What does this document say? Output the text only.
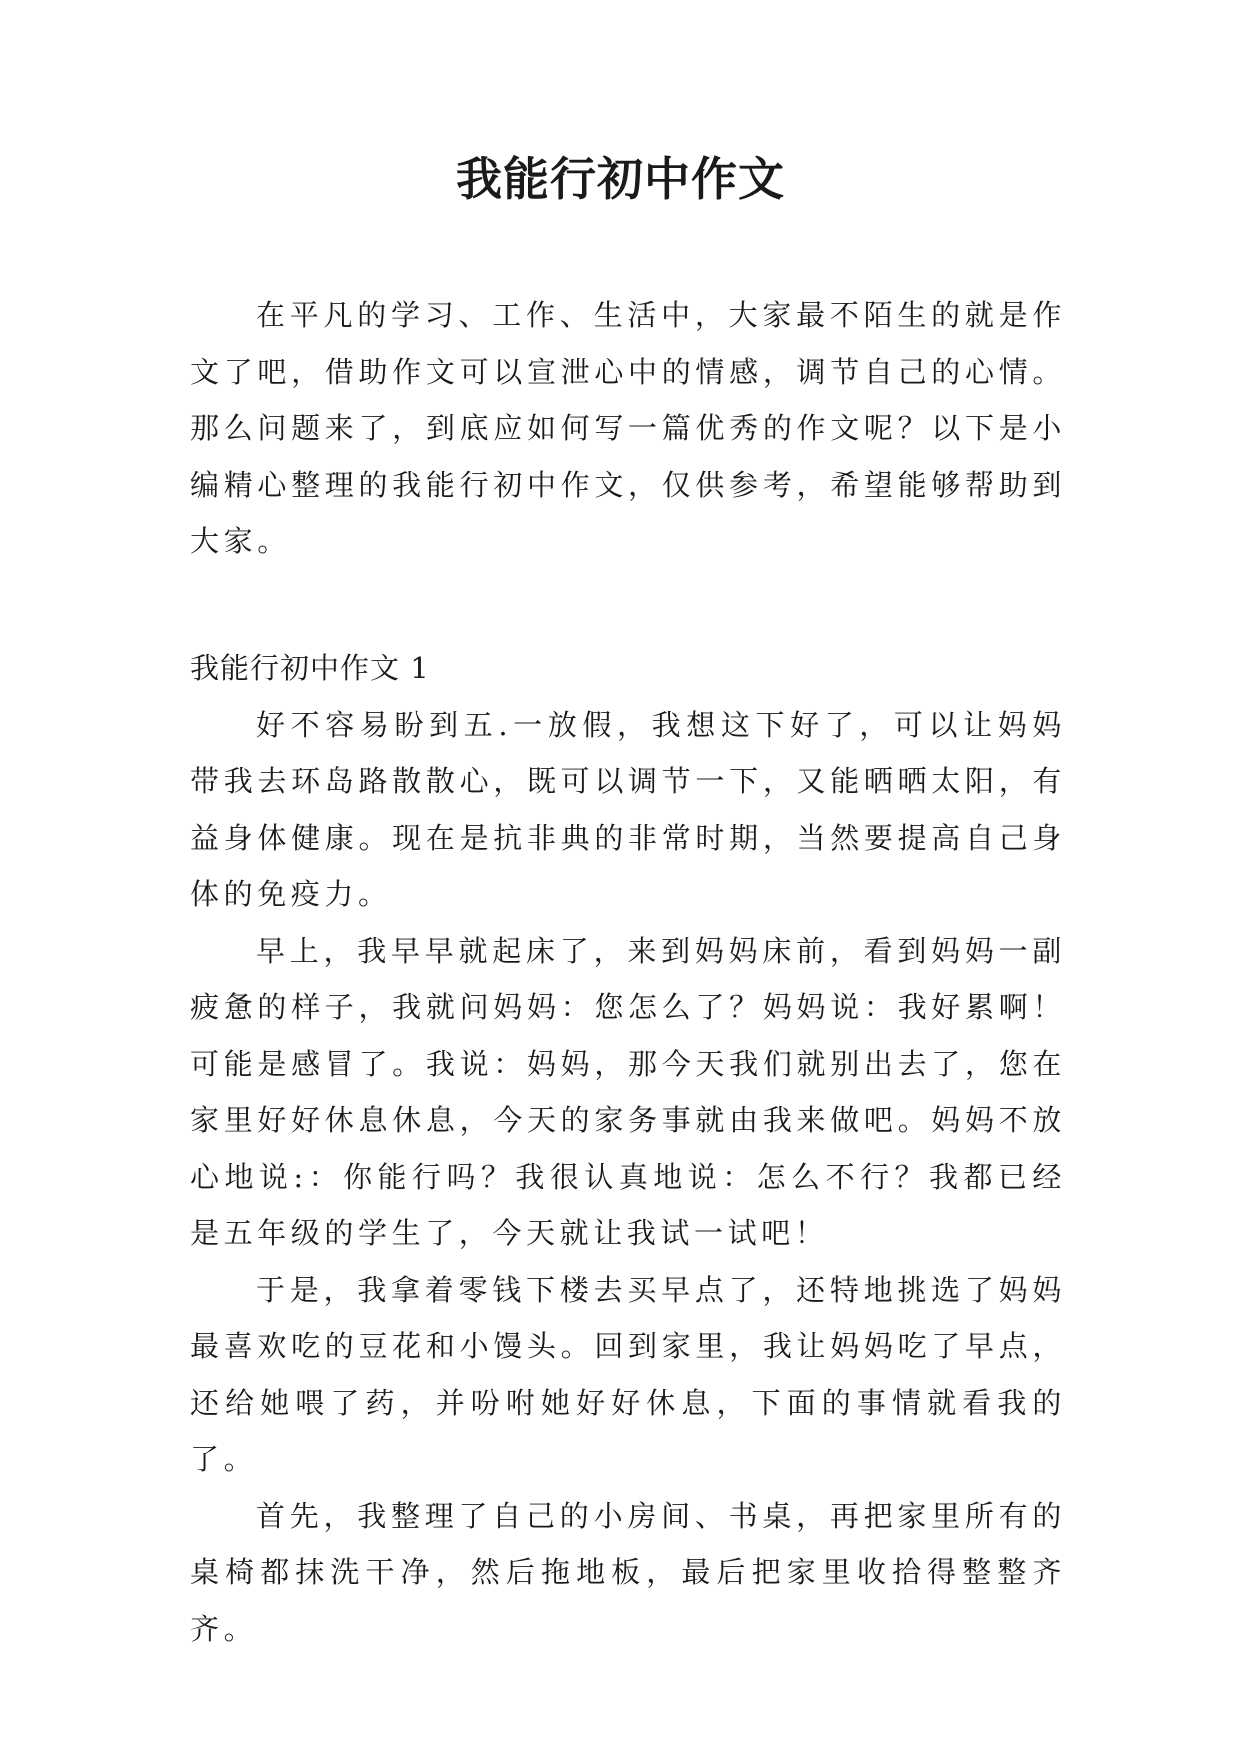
我能行初中作文

在平凡的学习、工作、生活中，大家最不陌生的就是作文了吧，借助作文可以宣泄心中的情感，调节自己的心情。那么问题来了，到底应如何写一篇优秀的作文呢？以下是小编精心整理的我能行初中作文，仅供参考，希望能够帮助到大家。

我能行初中作文 1

好不容易盼到五.一放假，我想这下好了，可以让妈妈带我去环岛路散散心，既可以调节一下，又能晒晒太阳，有益身体健康。现在是抗非典的非常时期，当然要提高自己身体的免疫力。

早上，我早早就起床了，来到妈妈床前，看到妈妈一副疲惫的样子，我就问妈妈：您怎么了？妈妈说：我好累啊！可能是感冒了。我说：妈妈，那今天我们就别出去了，您在家里好好休息休息，今天的家务事就由我来做吧。妈妈不放心地说:：你能行吗？我很认真地说：怎么不行？我都已经是五年级的学生了，今天就让我试一试吧！

于是，我拿着零钱下楼去买早点了，还特地挑选了妈妈最喜欢吃的豆花和小馒头。回到家里，我让妈妈吃了早点，还给她喂了药，并吩咐她好好休息，下面的事情就看我的了。

首先，我整理了自己的小房间、书桌，再把家里所有的桌椅都抹洗干净，然后拖地板，最后把家里收拾得整整齐齐。
